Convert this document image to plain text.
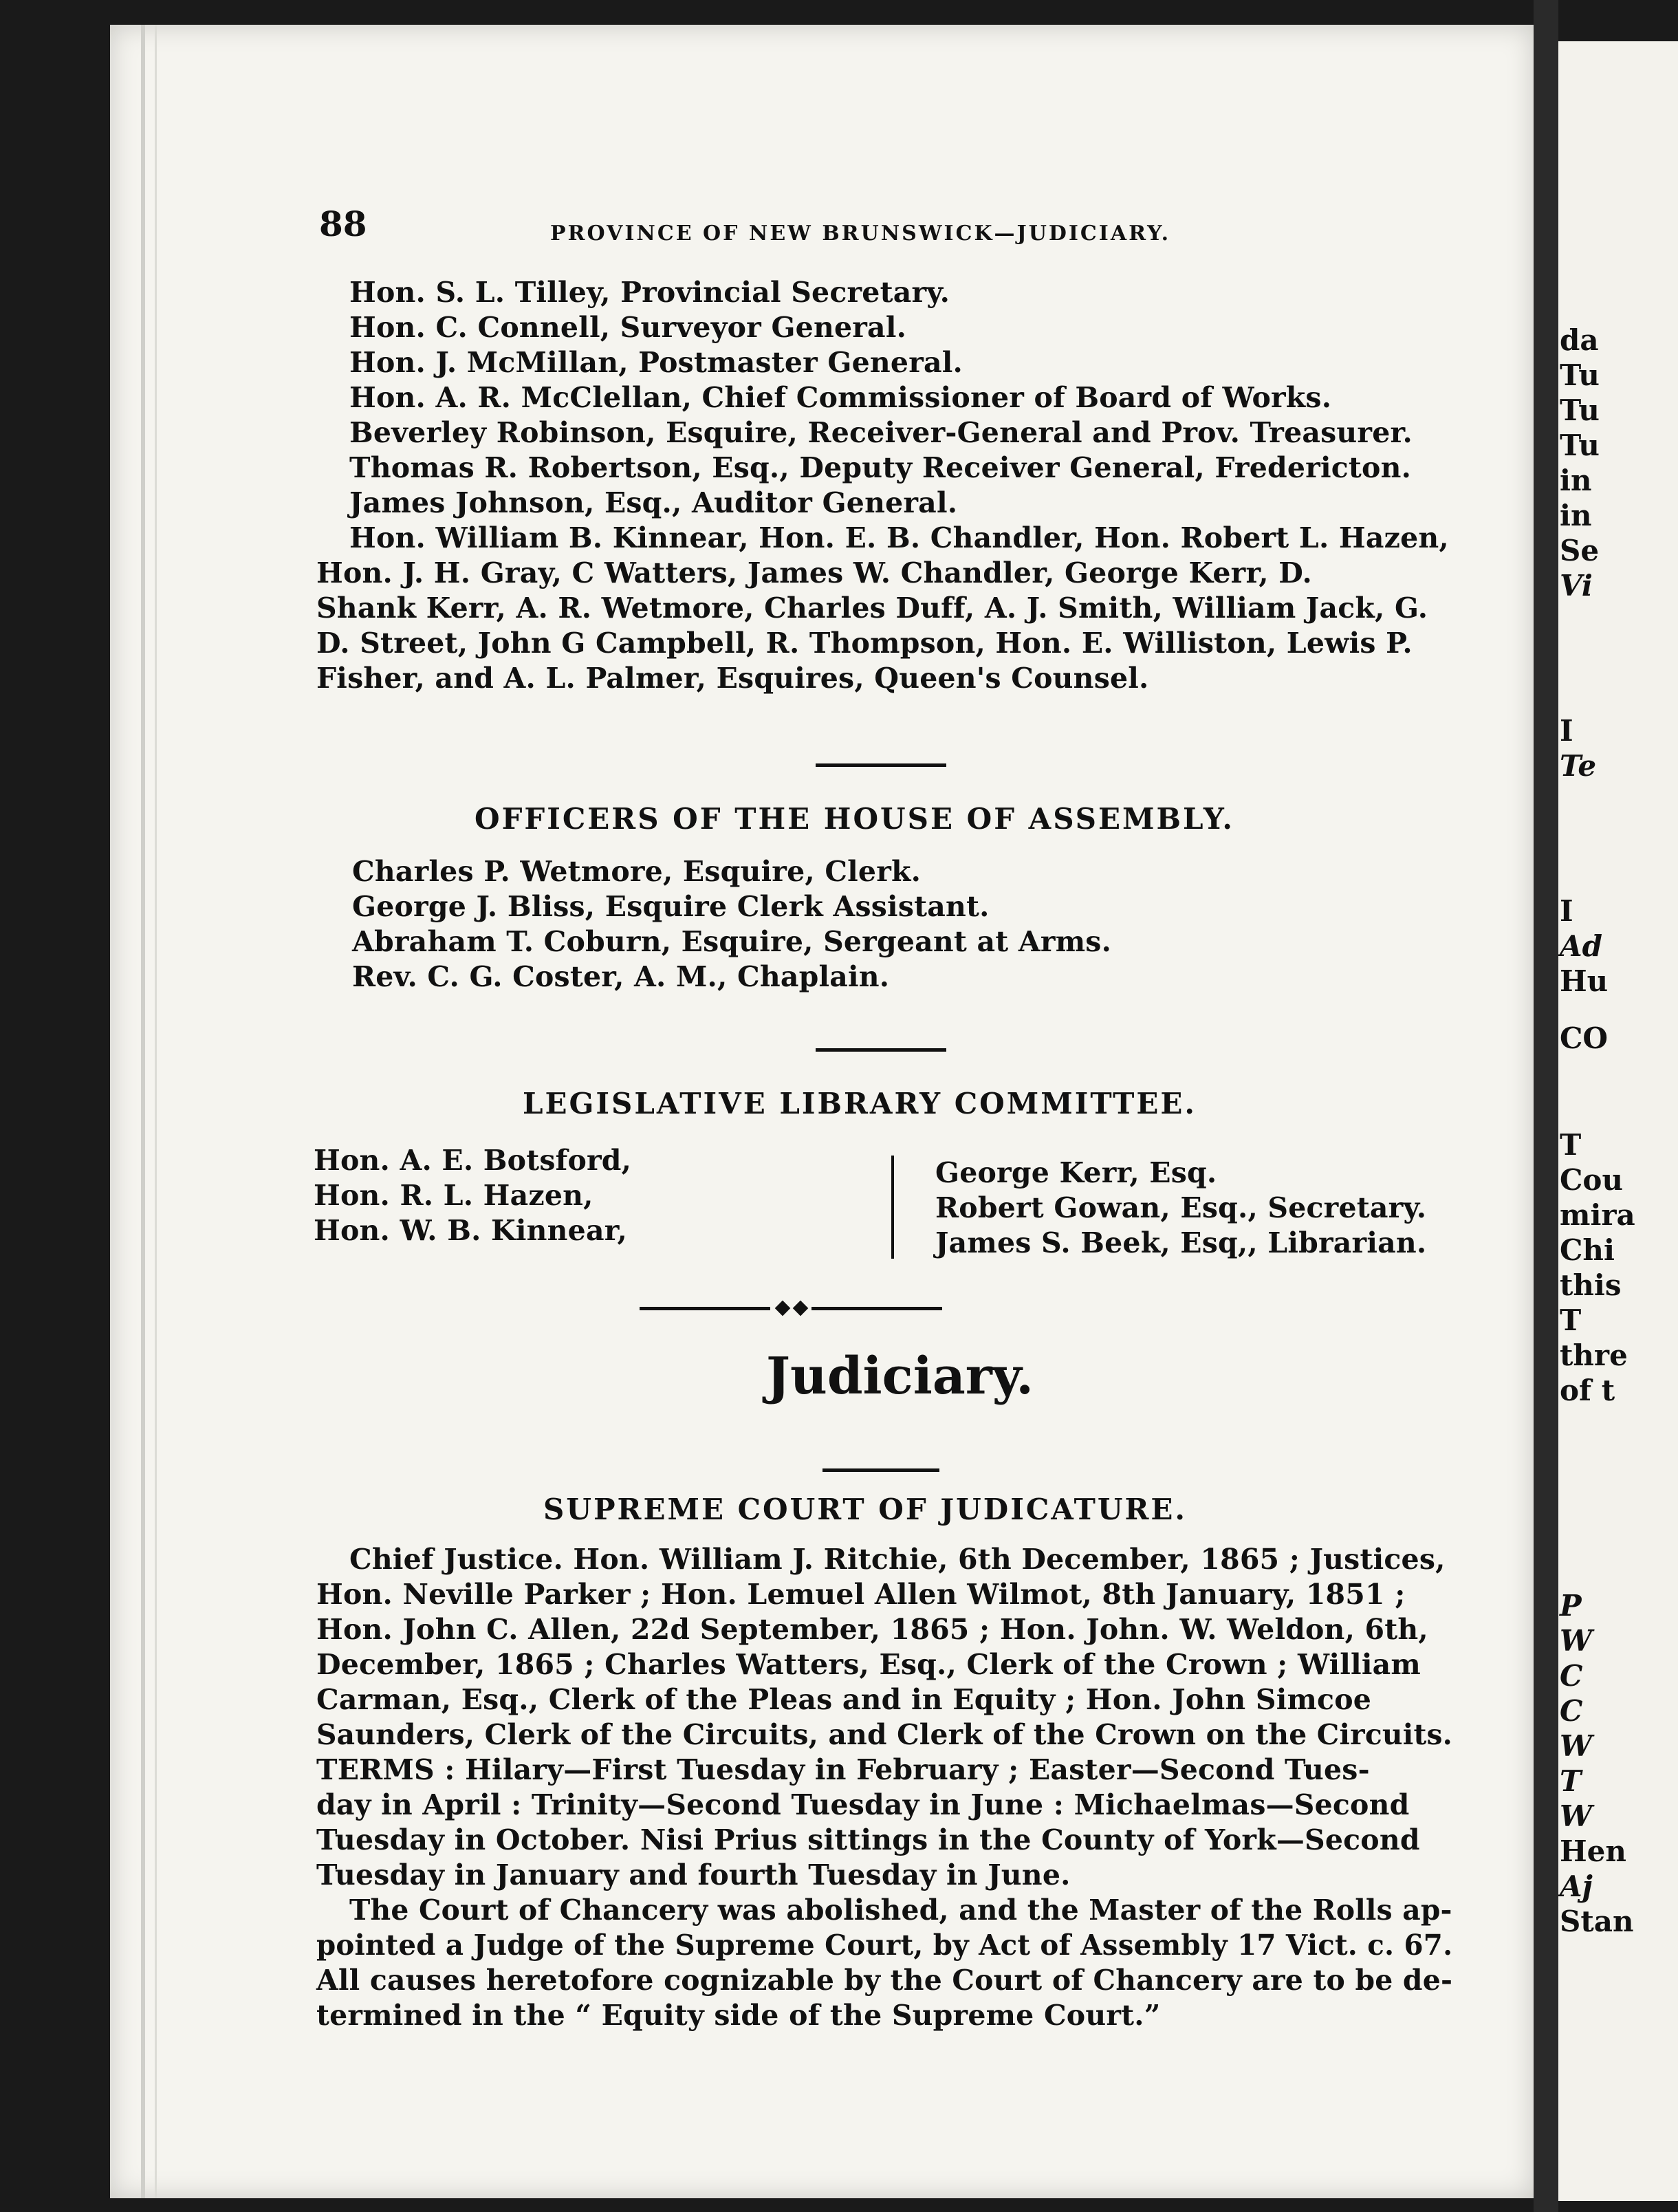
da
Tu
Tu
Tu
in
in
Se
Vi
I
Te
I
Ad
Hu
CO
T
Cou
mira
Chi
this
T
thre
of t
P
W
C
C
W
T
W
Hen
Aj
Stan
88	PROVINCE OF NEW BRUNSWICK—JUDICIARY.
Hon. S. L. Tilley, Provincial Secretary.
Hon. C. Connell, Surveyor General.
Hon. J. McMillan, Postmaster General.
Hon. A. R. McClellan, Chief Commissioner of Board of Works.
Beverley Robinson, Esquire, Receiver-General and Prov. Treasurer.
Thomas R. Robertson, Esq., Deputy Receiver General, Fredericton.
James Johnson, Esq., Auditor General.
Hon. William B. Kinnear, Hon. E. B. Chandler, Hon. Robert L. Hazen,
Hon. J. H. Gray, C Watters, James W. Chandler, George Kerr, D.
Shank Kerr, A. R. Wetmore, Charles Duff, A. J. Smith, William Jack, G.
D. Street, John G Campbell, R. Thompson, Hon. E. Williston, Lewis P.
Fisher, and A. L. Palmer, Esquires, Queen's Counsel.
OFFICERS OF THE HOUSE OF ASSEMBLY.
Charles P. Wetmore, Esquire, Clerk.
George J. Bliss, Esquire Clerk Assistant.
Abraham T. Coburn, Esquire, Sergeant at Arms.
Rev. C. G. Coster, A. M., Chaplain.
LEGISLATIVE LIBRARY COMMITTEE.
Hon. A. E. Botsford,
Hon. R. L. Hazen,
Hon. W. B. Kinnear,
George Kerr, Esq.
Robert Gowan, Esq., Secretary.
James S. Beek, Esq,, Librarian.
Judiciary.
SUPREME COURT OF JUDICATURE.
Chief Justice. Hon. William J. Ritchie, 6th December, 1865 ; Justices,
Hon. Neville Parker ; Hon. Lemuel Allen Wilmot, 8th January, 1851 ;
Hon. John C. Allen, 22d September, 1865 ; Hon. John. W. Weldon, 6th,
December, 1865 ; Charles Watters, Esq., Clerk of the Crown ; William
Carman, Esq., Clerk of the Pleas and in Equity ; Hon. John Simcoe
Saunders, Clerk of the Circuits, and Clerk of the Crown on the Circuits.
TERMS : Hilary—First Tuesday in February ; Easter—Second Tues-
day in April : Trinity—Second Tuesday in June : Michaelmas—Second
Tuesday in October. Nisi Prius sittings in the County of York—Second
Tuesday in January and fourth Tuesday in June.
The Court of Chancery was abolished, and the Master of the Rolls ap-
pointed a Judge of the Supreme Court, by Act of Assembly 17 Vict. c. 67.
All causes heretofore cognizable by the Court of Chancery are to be de-
termined in the “ Equity side of the Supreme Court.”
